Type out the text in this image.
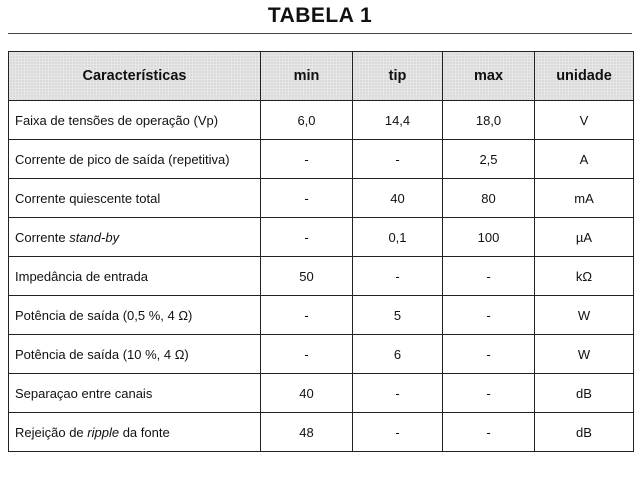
TABELA 1
Características	min	tip	max	unidade
Faixa de tensões de operação (Vp)	6,0	14,4	18,0	V
Corrente de pico de saída (repetitiva)	-	-	2,5	A
Corrente quiescente total	-	40	80	mA
Corrente stand-by	-	0,1	100	µA
Impedância de entrada	50	-	-	kΩ
Potência de saída (0,5 %, 4 Ω)	-	5	-	W
Potência de saída (10 %, 4 Ω)	-	6	-	W
Separaçao entre canais	40	-	-	dB
Rejeição de ripple da fonte	48	-	-	dB
